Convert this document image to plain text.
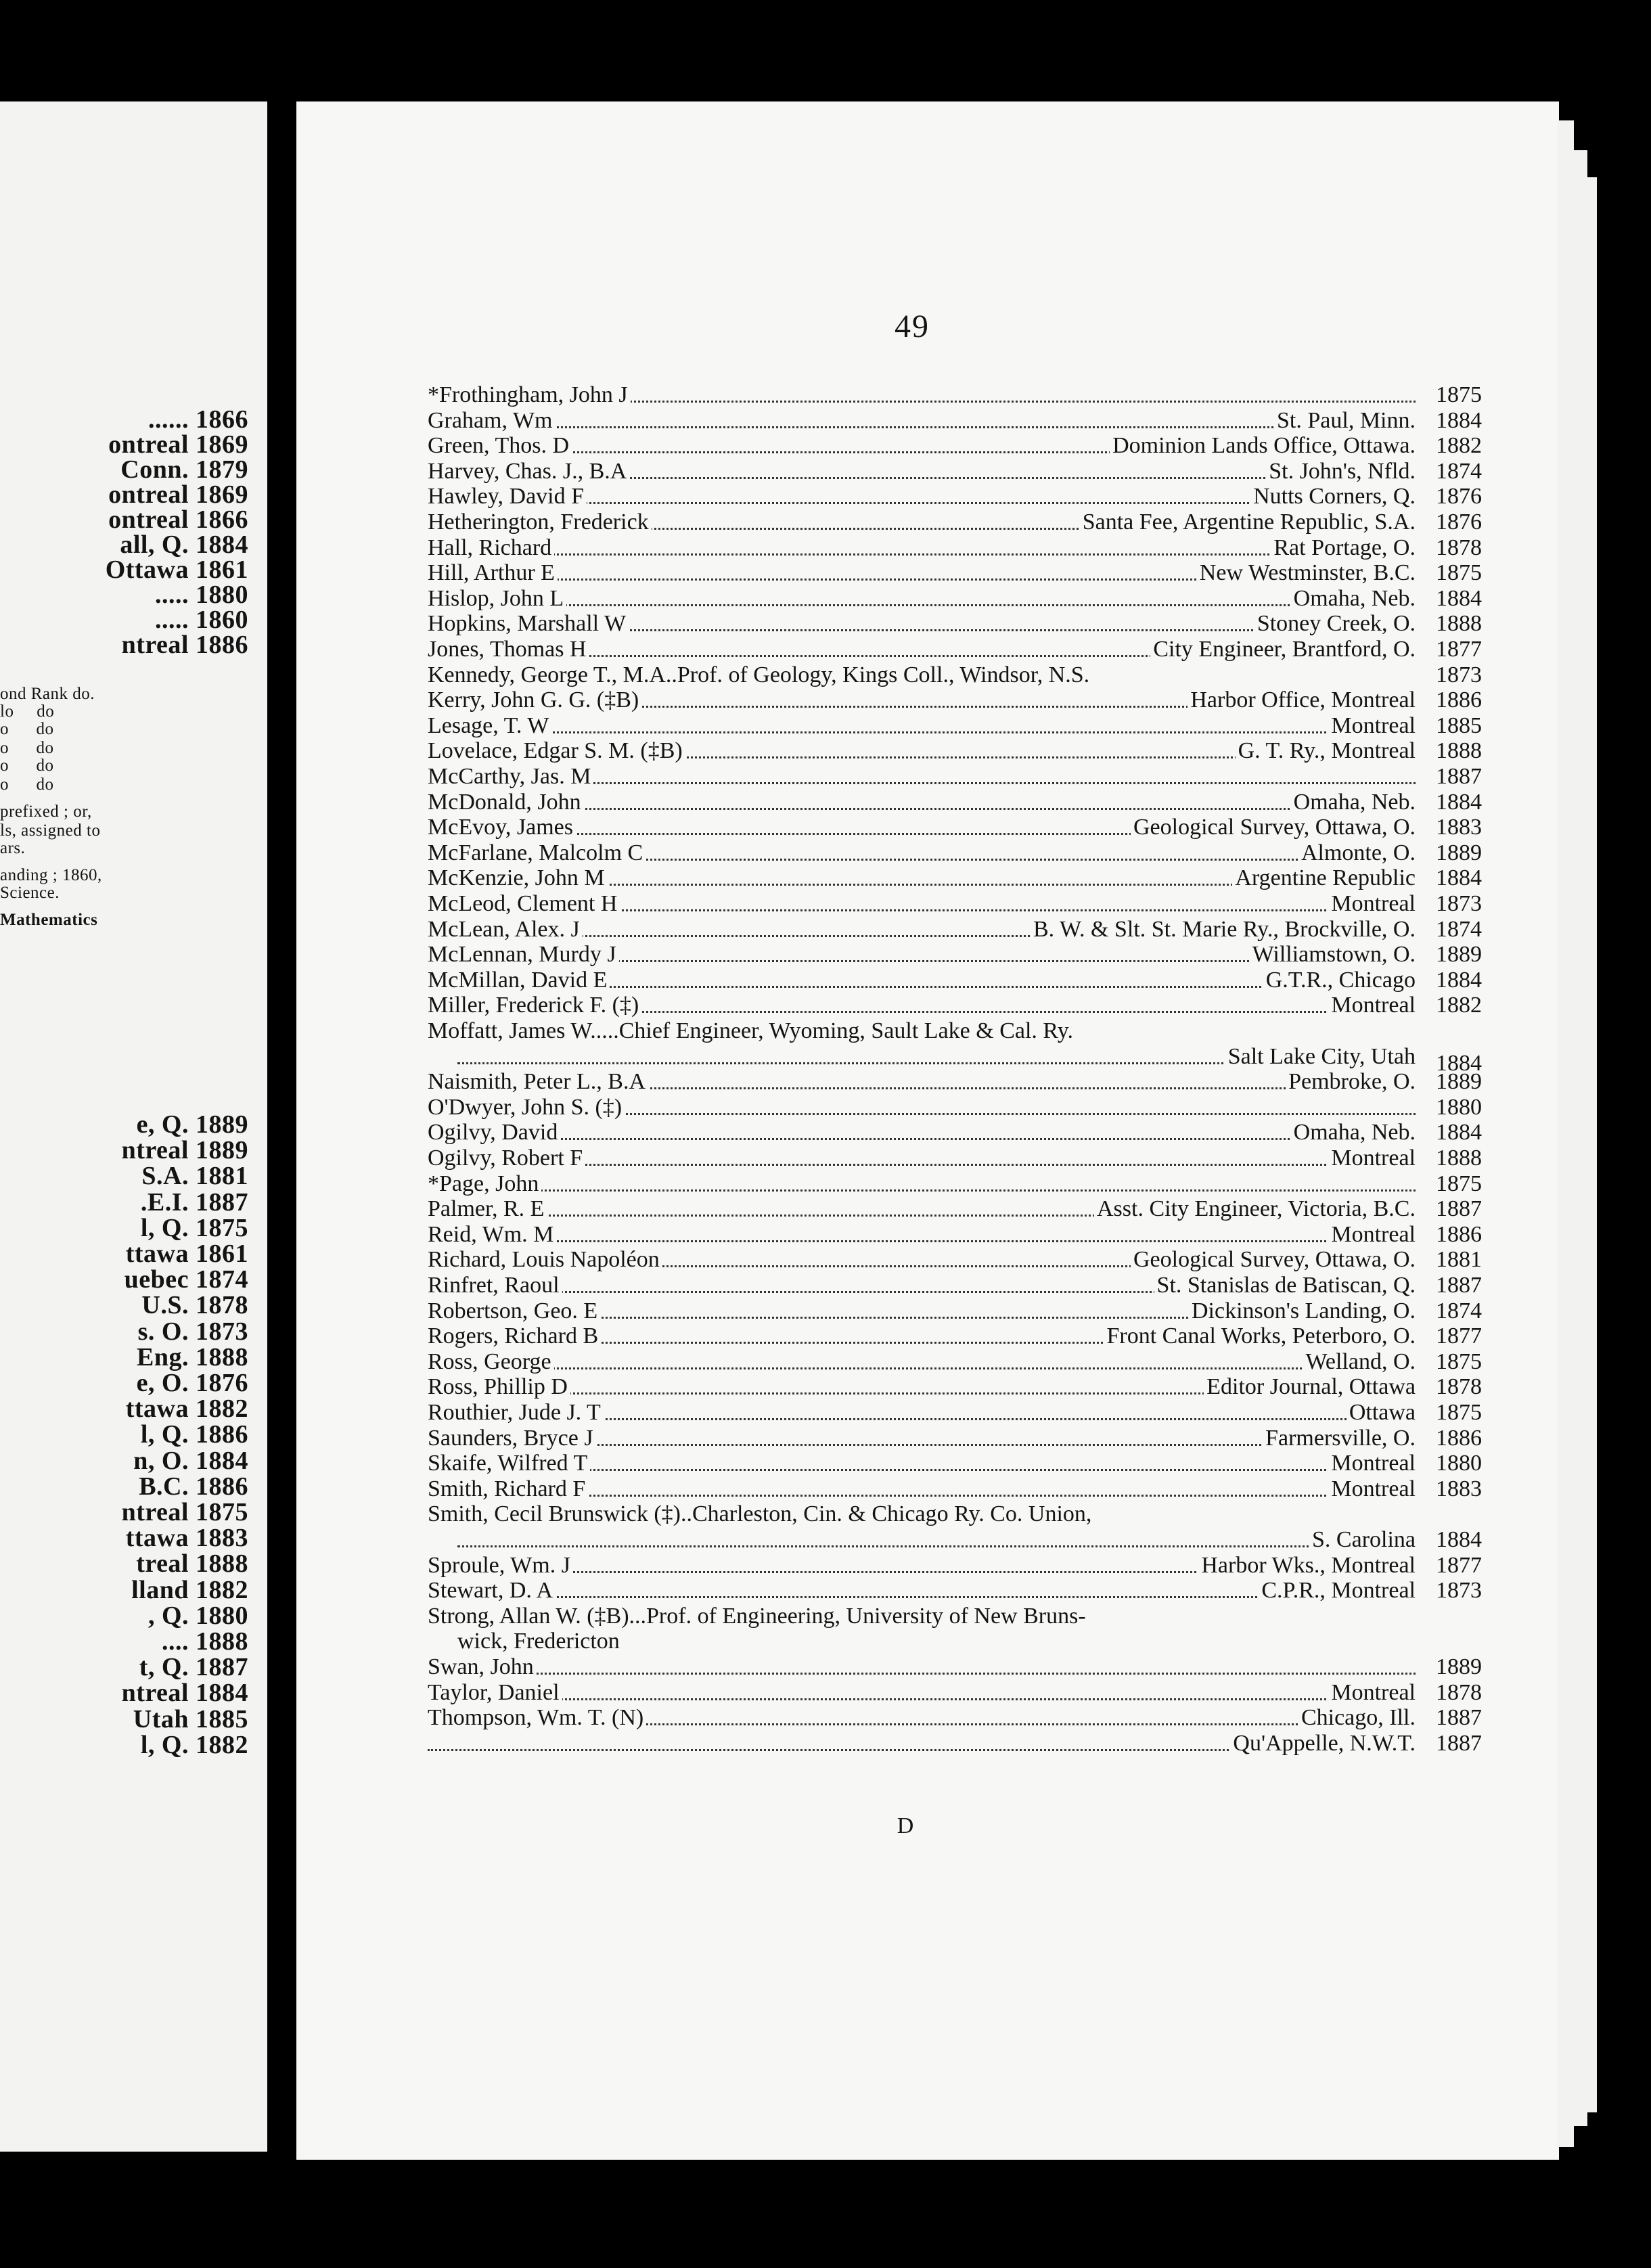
...... 1866
ontreal 1869
Conn. 1879
ontreal 1869
ontreal 1866
all, Q. 1884
Ottawa 1861
..... 1880
..... 1860
ntreal 1886
ond Rank do.
lo     do
o      do
o      do
o      do
o      do
prefixed ; or,
ls, assigned to
ars.
anding ; 1860,
Science.
Mathematics
e, Q. 1889
ntreal 1889
S.A. 1881
.E.I. 1887
l, Q. 1875
ttawa 1861
uebec 1874
U.S. 1878
s. O. 1873
Eng. 1888
e, O. 1876
ttawa 1882
l, Q. 1886
n, O. 1884
B.C. 1886
ntreal 1875
ttawa 1883
treal 1888
lland 1882
, Q. 1880
.... 1888
t, Q. 1887
ntreal 1884
Utah 1885
l, Q. 1882
49
D
*Frothingham, John J	1875
Graham, Wm	St. Paul, Minn. 1884
Green, Thos. D	Dominion Lands Office, Ottawa. 1882
Harvey, Chas. J., B.A	St. John's, Nfld. 1874
Hawley, David F	Nutts Corners, Q. 1876
Hetherington, Frederick	Santa Fee, Argentine Republic, S.A. 1876
Hall, Richard	Rat Portage, O. 1878
Hill, Arthur E	New Westminster, B.C. 1875
Hislop, John L	Omaha, Neb. 1884
Hopkins, Marshall W	Stoney Creek, O. 1888
Jones, Thomas H	City Engineer, Brantford, O. 1877
Kennedy, George T., M.A..Prof. of Geology, Kings Coll., Windsor, N.S.	1873
Kerry, John G. G. (‡B)	Harbor Office, Montreal 1886
Lesage, T. W	Montreal 1885
Lovelace, Edgar S. M. (‡B)	G. T. Ry., Montreal 1888
McCarthy, Jas. M	1887
McDonald, John	Omaha, Neb. 1884
McEvoy, James	Geological Survey, Ottawa, O. 1883
McFarlane, Malcolm C	Almonte, O. 1889
McKenzie, John M	Argentine Republic 1884
McLeod, Clement H	Montreal 1873
McLean, Alex. J	B. W. & Slt. St. Marie Ry., Brockville, O. 1874
McLennan, Murdy J	Williamstown, O. 1889
McMillan, David E	G.T.R., Chicago 1884
Miller, Frederick F. (‡)	Montreal 1882
Moffatt, James W.....Chief Engineer, Wyoming, Sault Lake & Cal. Ry.
Salt Lake City, Utah 1884
Naismith, Peter L., B.A	Pembroke, O. 1889
O'Dwyer, John S. (‡)	1880
Ogilvy, David	Omaha, Neb. 1884
Ogilvy, Robert F	Montreal 1888
*Page, John	1875
Palmer, R. E	Asst. City Engineer, Victoria, B.C. 1887
Reid, Wm. M	Montreal 1886
Richard, Louis Napoléon	Geological Survey, Ottawa, O. 1881
Rinfret, Raoul	St. Stanislas de Batiscan, Q. 1887
Robertson, Geo. E	Dickinson's Landing, O. 1874
Rogers, Richard B	Front Canal Works, Peterboro, O. 1877
Ross, George	Welland, O. 1875
Ross, Phillip D	Editor Journal, Ottawa 1878
Routhier, Jude J. T	Ottawa 1875
Saunders, Bryce J	Farmersville, O. 1886
Skaife, Wilfred T	Montreal 1880
Smith, Richard F	Montreal 1883
Smith, Cecil Brunswick (‡)..Charleston, Cin. & Chicago Ry. Co. Union,
S. Carolina 1884
Sproule, Wm. J	Harbor Wks., Montreal 1877
Stewart, D. A	C.P.R., Montreal 1873
Strong, Allan W. (‡B)...Prof. of Engineering, University of New Bruns-
wick, Fredericton
Swan, John	1889
Taylor, Daniel	Montreal 1878
Thompson, Wm. T. (N)	Chicago, Ill. 1887
Qu'Appelle, N.W.T. 1887
